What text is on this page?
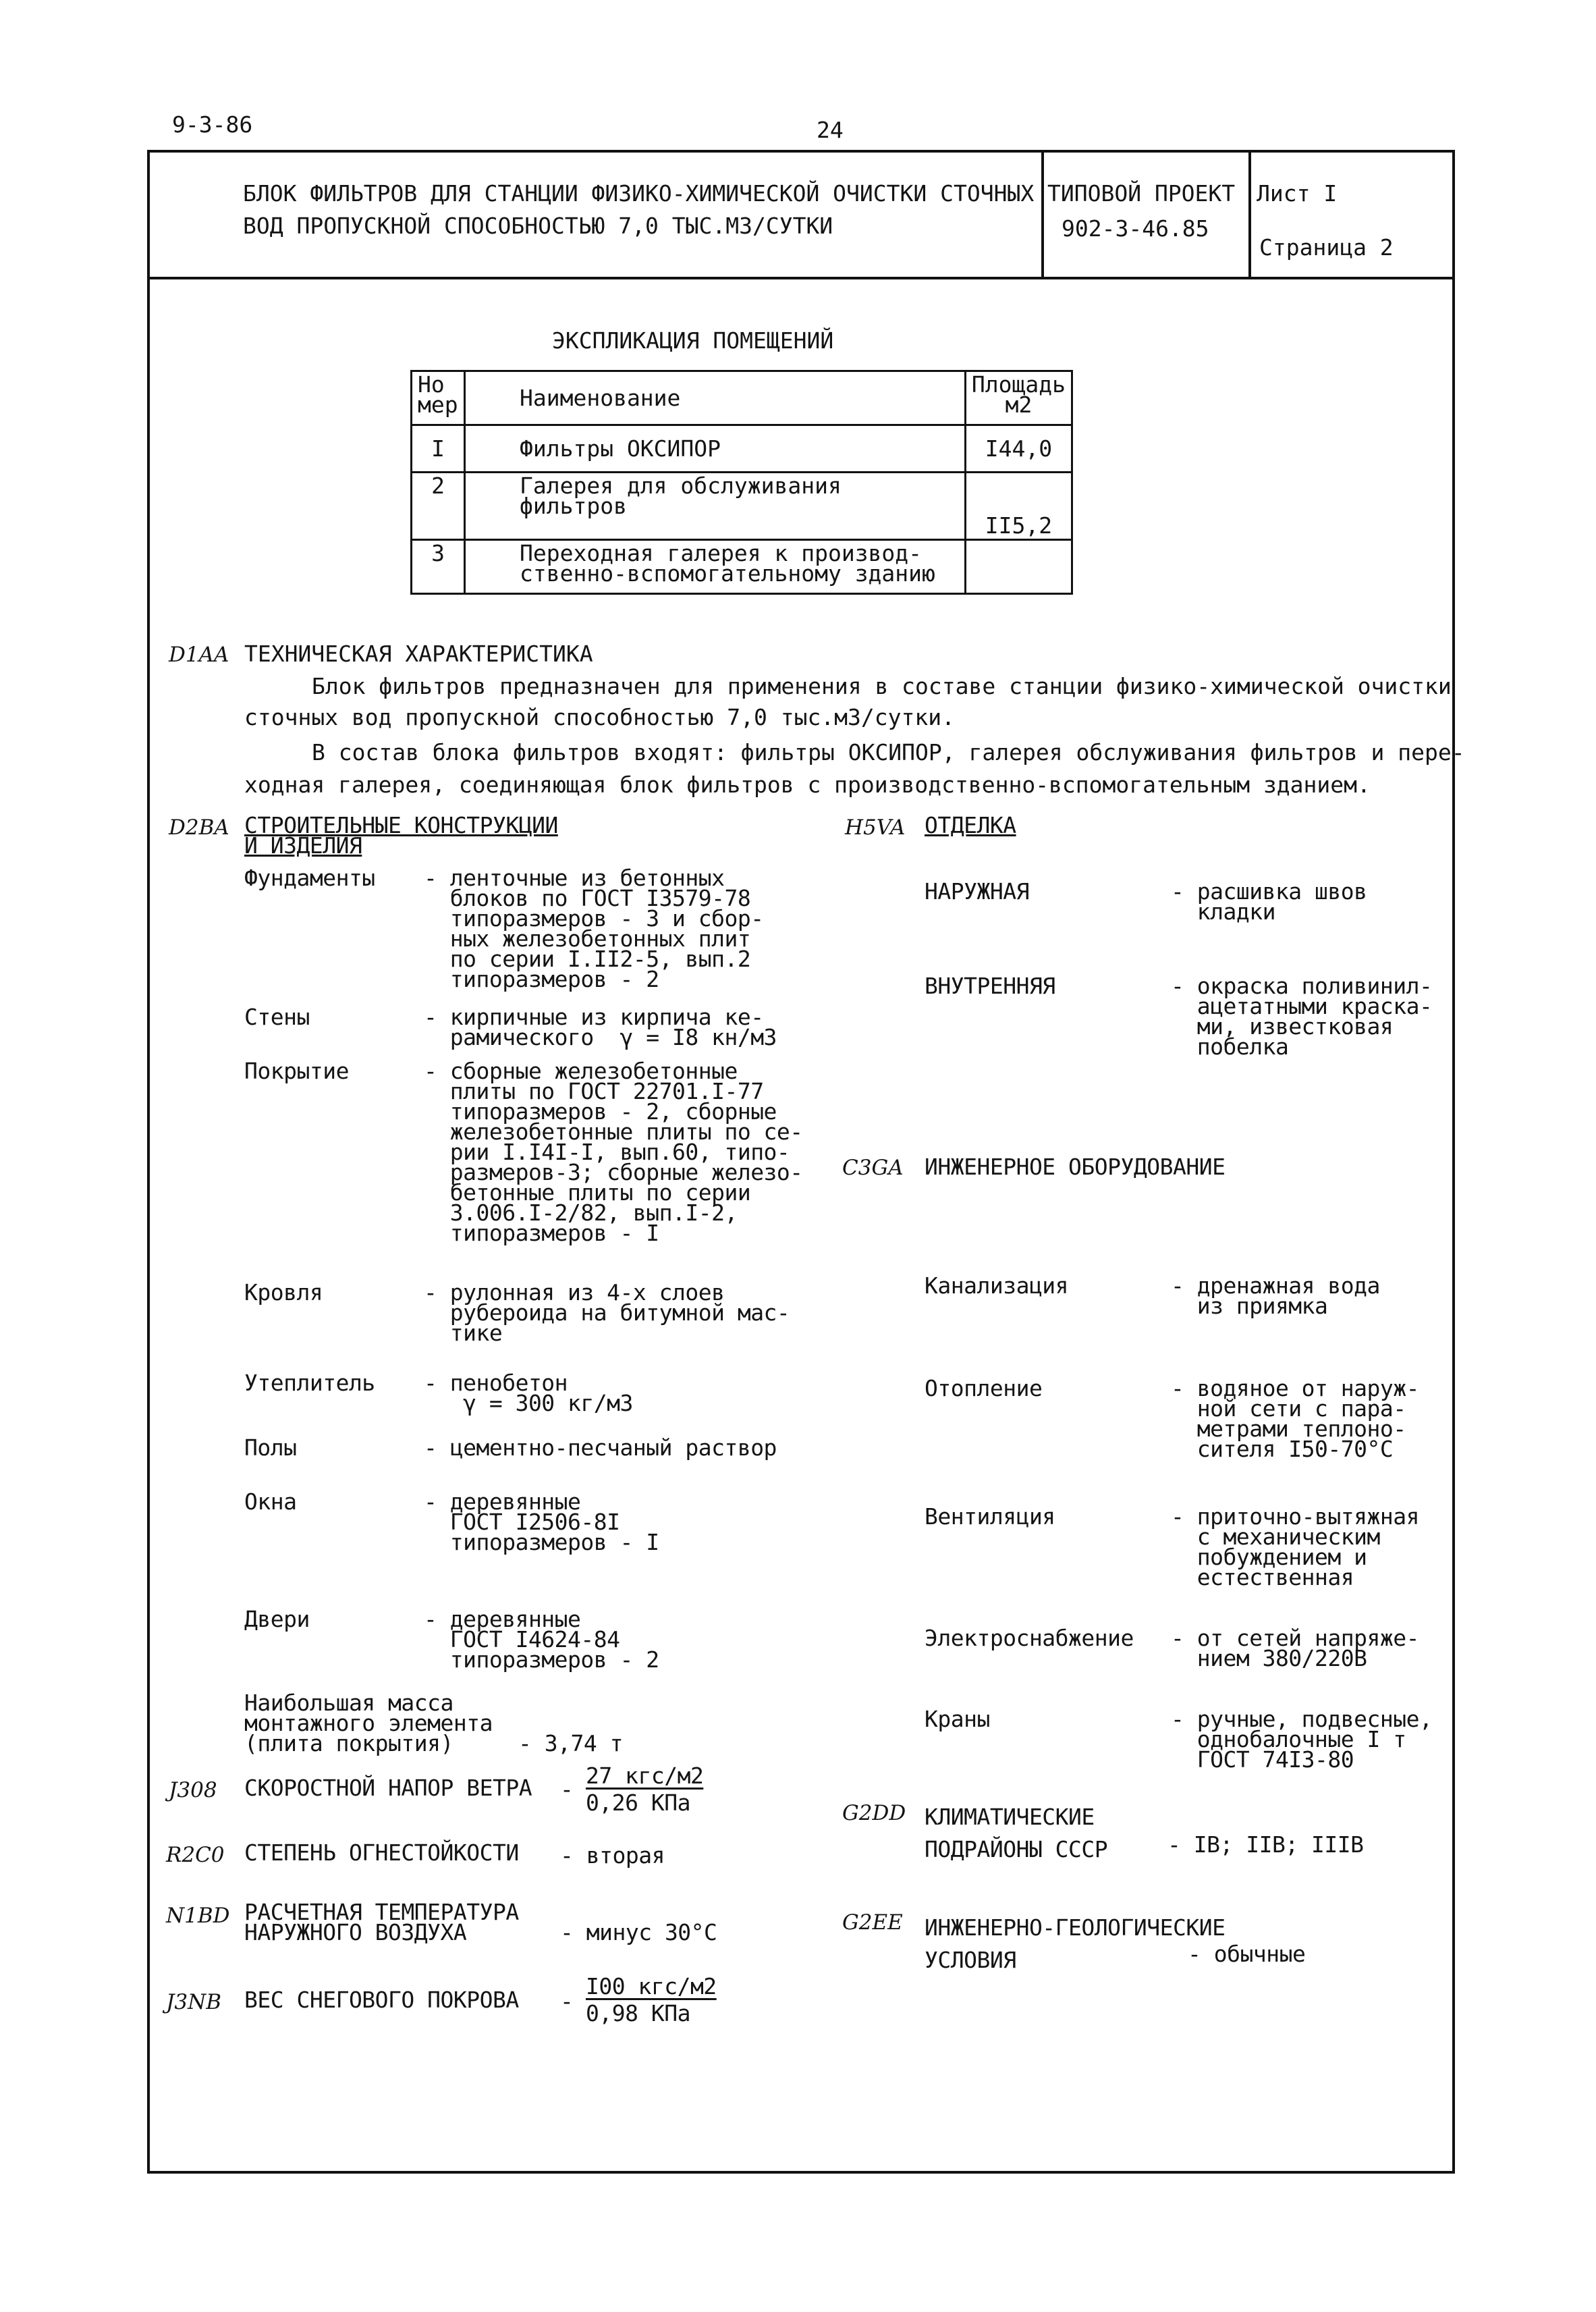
9-3-86	24
БЛОК ФИЛЬТРОВ ДЛЯ СТАНЦИИ ФИЗИКО-ХИМИЧЕСКОЙ ОЧИСТКИ СТОЧНЫХ
ВОД ПРОПУСКНОЙ СПОСОБНОСТЬЮ 7,0 ТЫС.М3/СУТКИ
ТИПОВОЙ ПРОЕКТ
902-3-46.85
Лист I
Страница 2
ЭКСПЛИКАЦИЯ ПОМЕЩЕНИЙ
Но
мер	Наименование	Площадь
м2
I	Фильтры ОКСИПОР	I44,0
2	Галерея для обслуживания
фильтров	II5,2
3	Переходная галерея к производ-
ственно-вспомогательному зданию	
D1AA ТЕХНИЧЕСКАЯ ХАРАКТЕРИСТИКА
Блок фильтров предназначен для применения в составе станции физико-химической очистки
сточных вод пропускной способностью 7,0 тыс.м3/сутки.
В состав блока фильтров входят: фильтры ОКСИПОР, галерея обслуживания фильтров и пере-
ходная галерея, соединяющая блок фильтров с производственно-вспомогательным зданием.
D2BA СТРОИТЕЛЬНЫЕ КОНСТРУКЦИИ
И ИЗДЕЛИЯ
Фундаменты - ленточные из бетонных
блоков по ГОСТ I3579-78
типоразмеров - 3 и сбор-
ных железобетонных плит
по серии I.II2-5, вып.2
типоразмеров - 2
Стены	- кирпичные из кирпича ке-
рамического  γ = I8 кн/м3
Покрытие	- сборные железобетонные
плиты по ГОСТ 22701.I-77
типоразмеров - 2, сборные
железобетонные плиты по се-
рии I.I4I-I, вып.60, типо-
размеров-3; сборные железо-
бетонные плиты по серии
3.006.I-2/82, вып.I-2,
типоразмеров - I
Кровля	- рулонная из 4-х слоев
рубероида на битумной мас-
тике
Утеплитель - пенобетон
γ = 300 кг/м3
Полы	- цементно-песчаный раствор
Окна	- деревянные
ГОСТ I2506-8I
типоразмеров - I
Двери	- деревянные
ГОСТ I4624-84
типоразмеров - 2
Наибольшая масса
монтажного элемента
(плита покрытия)	- 3,74 т
J308 СКОРОСТНОЙ НАПОР ВЕТРА -
27 кгс/м2
0,26 КПа
R2C0 СТЕПЕНЬ ОГНЕСТОЙКОСТИ - вторая
N1BD РАСЧЕТНАЯ ТЕМПЕРАТУРА
НАРУЖНОГО ВОЗДУХА	- минус 30°С
J3NB ВЕС СНЕГОВОГО ПОКРОВА -
I00 кгс/м2
0,98 КПа
H5VA ОТДЕЛКА
НАРУЖНАЯ	- расшивка швов
кладки
ВНУТРЕННЯЯ	- окраска поливинил-
ацетатными краска-
ми, известковая
побелка
C3GA ИНЖЕНЕРНОЕ ОБОРУДОВАНИЕ
Канализация	- дренажная вода
из приямка
Отопление	- водяное от наруж-
ной сети с пара-
метрами теплоно-
сителя I50-70°С
Вентиляция	- приточно-вытяжная
с механическим
побуждением и
естественная
Электроснабжение - от сетей напряже-
нием 380/220В
Краны	- ручные, подвесные,
однобалочные I т
ГОСТ 74I3-80
G2DD КЛИМАТИЧЕСКИЕ
ПОДРАЙОНЫ СССР	- IВ; IIВ; IIIВ
G2EE ИНЖЕНЕРНО-ГЕОЛОГИЧЕСКИЕ
УСЛОВИЯ	- обычные
